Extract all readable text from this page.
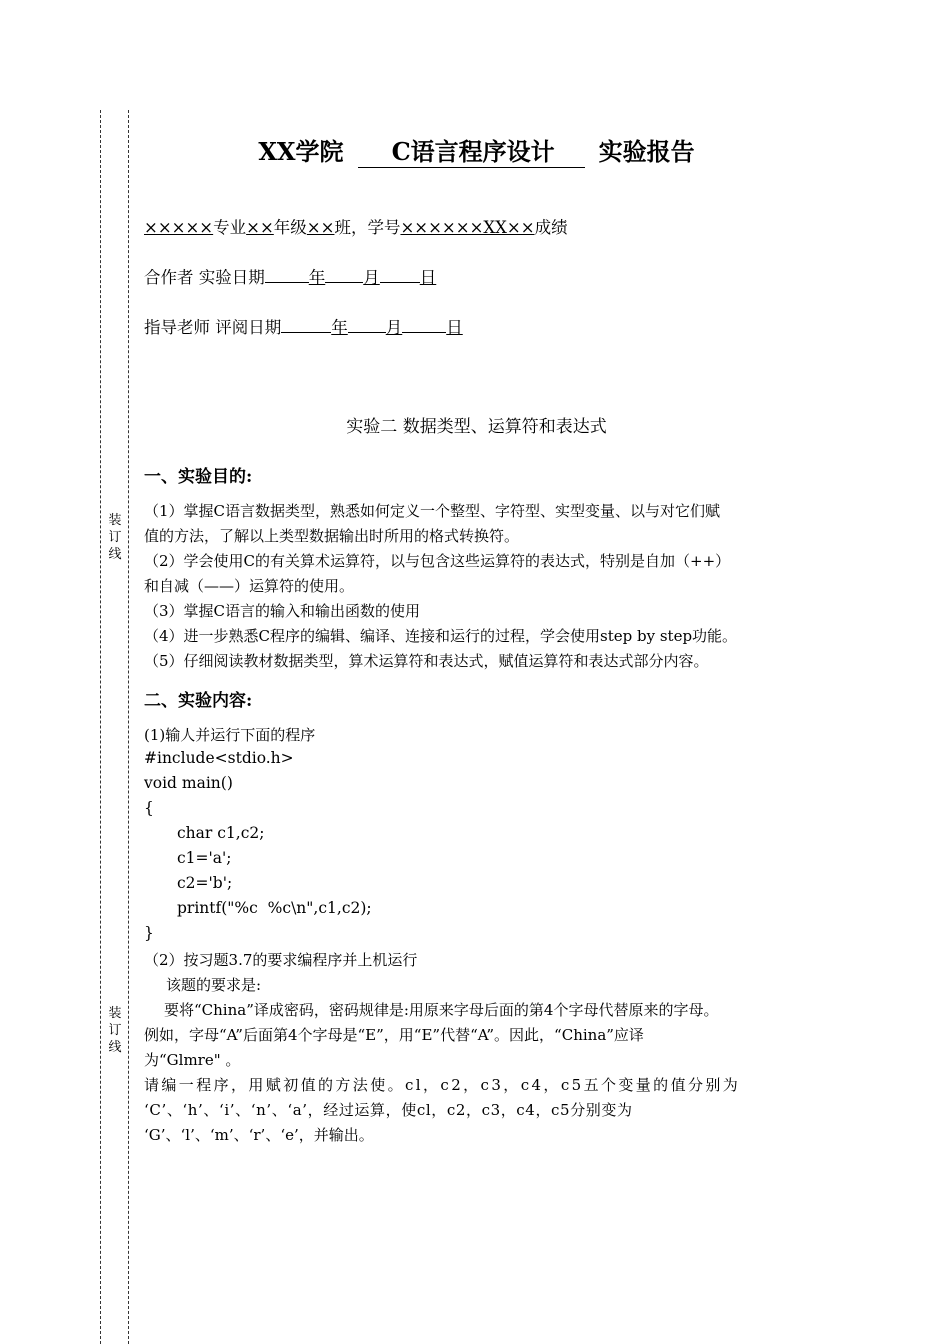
装
订
线
装
订
线
XX学院 C语言程序设计 实验报告
×××××专业××年级××班，学号××××××XX××成绩
合作者 实验日期	年 月 日
指导老师 评阅日期	年 月	日
实验二 数据类型、运算符和表达式
一、实验目的:
（1）掌握C语言数据类型，熟悉如何定义一个整型、字符型、实型变量、以与对它们赋
值的方法，了解以上类型数据输出时所用的格式转换符。
（2）学会使用C的有关算术运算符，以与包含这些运算符的表达式，特别是自加（++）
和自减（——）运算符的使用。
（3）掌握C语言的输入和输出函数的使用
（4）进一步熟悉C程序的编辑、编译、连接和运行的过程，学会使用step by step功能。
（5）仔细阅读教材数据类型，算术运算符和表达式，赋值运算符和表达式部分内容。
二、实验内容:
(1)输人并运行下面的程序
#include<stdio.h>
void main()
{
char c1,c2;
c1='a';
c2='b';
printf("%c  %c\n",c1,c2);
}
（2）按习题3.7的要求编程序并上机运行
该题的要求是:
要将“China”译成密码，密码规律是:用原来字母后面的第4个字母代替原来的字母。
例如，字母“A”后面第4个字母是“E”，用“E”代替“A”。因此，“China”应译
为“Glmre" 。
请编一程序，用赋初值的方法使。cl，c2，c3，c4，c5五个变量的值分别为
‘C’、‘h’、‘i’、‘n’、‘a’，经过运算，使cl，c2，c3，c4，c5分别变为
‘G’、‘l’、‘m’、‘r’、‘e’，并输出。
